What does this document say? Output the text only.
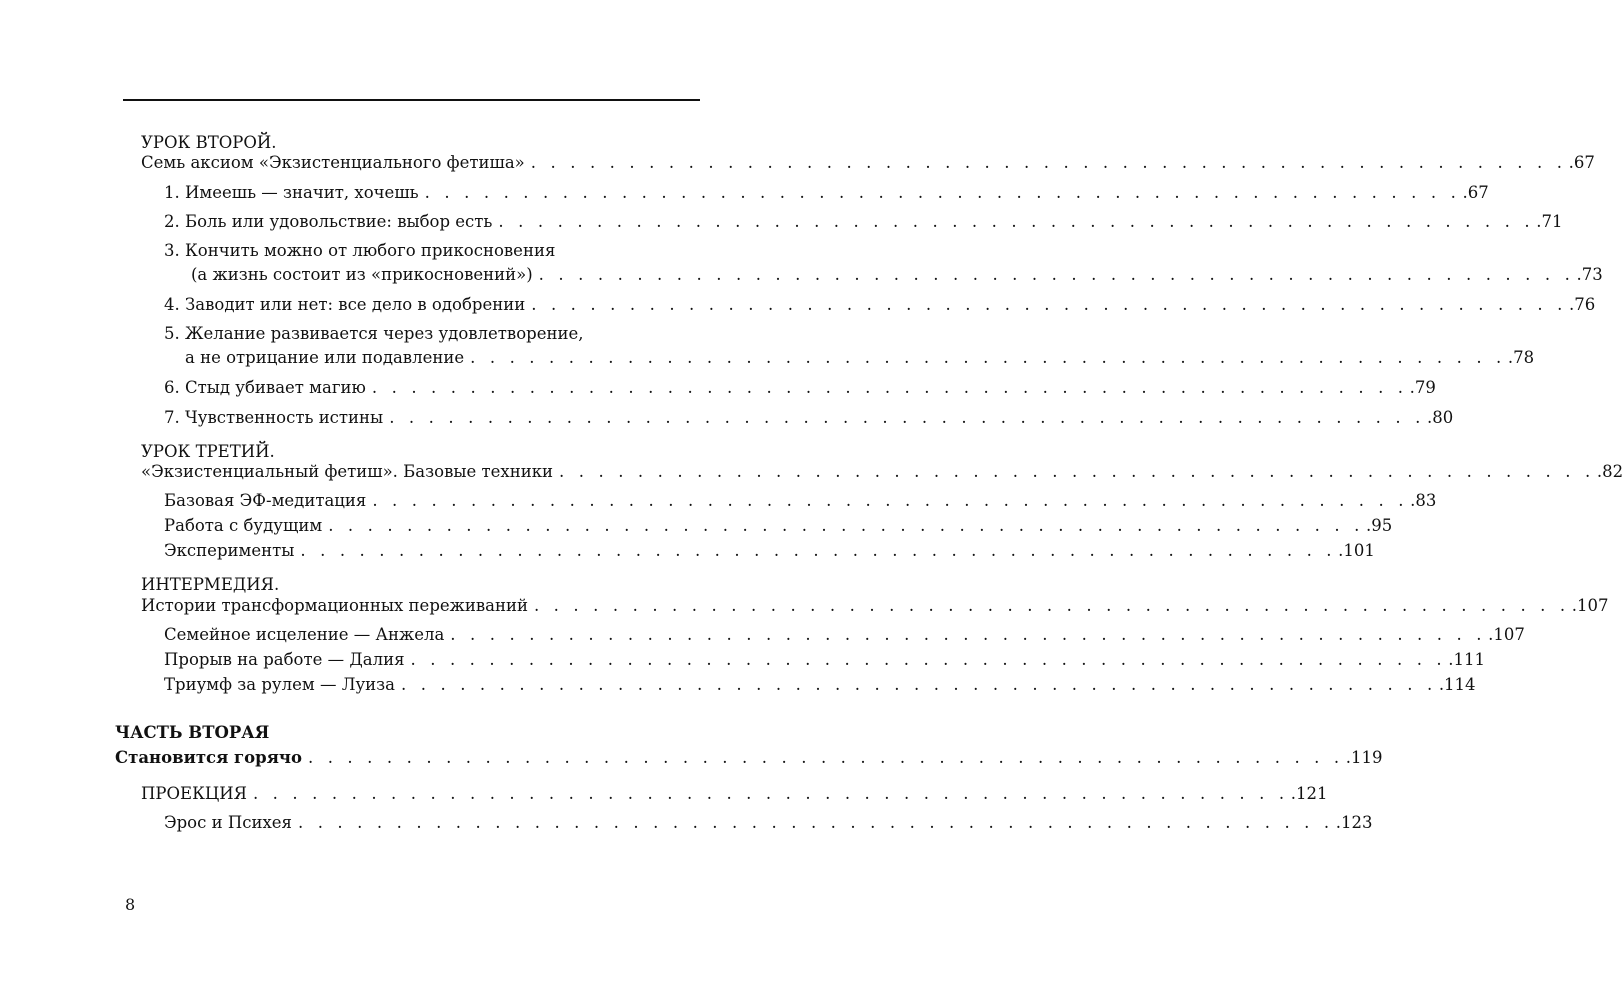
УРОК ВТОРОЙ.
Семь аксиом «Экзистенциального фетиша» . . . . . . . . . . . . . . . . . . . . . . . . . . . . . . . . . . . . . . . . . . . . . . . . . . . . . .67
1. Имеешь — значит, хочешь . . . . . . . . . . . . . . . . . . . . . . . . . . . . . . . . . . . . . . . . . . . . . . . . . . . . . .67
2. Боль или удовольствие: выбор есть . . . . . . . . . . . . . . . . . . . . . . . . . . . . . . . . . . . . . . . . . . . . . . . . . . . . . .71
3. Кончить можно от любого прикосновения
(а жизнь состоит из «прикосновений») . . . . . . . . . . . . . . . . . . . . . . . . . . . . . . . . . . . . . . . . . . . . . . . . . . . . . .73
4. Заводит или нет: все дело в одобрении . . . . . . . . . . . . . . . . . . . . . . . . . . . . . . . . . . . . . . . . . . . . . . . . . . . . . .76
5. Желание развивается через удовлетворение,
а не отрицание или подавление . . . . . . . . . . . . . . . . . . . . . . . . . . . . . . . . . . . . . . . . . . . . . . . . . . . . . .78
6. Стыд убивает магию . . . . . . . . . . . . . . . . . . . . . . . . . . . . . . . . . . . . . . . . . . . . . . . . . . . . . .79
7. Чувственность истины . . . . . . . . . . . . . . . . . . . . . . . . . . . . . . . . . . . . . . . . . . . . . . . . . . . . . .80
УРОК ТРЕТИЙ.
«Экзистенциальный фетиш». Базовые техники . . . . . . . . . . . . . . . . . . . . . . . . . . . . . . . . . . . . . . . . . . . . . . . . . . . . . .82
Базовая ЭФ-медитация . . . . . . . . . . . . . . . . . . . . . . . . . . . . . . . . . . . . . . . . . . . . . . . . . . . . . .83
Работа с будущим . . . . . . . . . . . . . . . . . . . . . . . . . . . . . . . . . . . . . . . . . . . . . . . . . . . . . .95
Эксперименты . . . . . . . . . . . . . . . . . . . . . . . . . . . . . . . . . . . . . . . . . . . . . . . . . . . . . .101
ИНТЕРМЕДИЯ.
Истории трансформационных переживаний . . . . . . . . . . . . . . . . . . . . . . . . . . . . . . . . . . . . . . . . . . . . . . . . . . . . . .107
Семейное исцеление — Анжела . . . . . . . . . . . . . . . . . . . . . . . . . . . . . . . . . . . . . . . . . . . . . . . . . . . . . .107
Прорыв на работе — Далия . . . . . . . . . . . . . . . . . . . . . . . . . . . . . . . . . . . . . . . . . . . . . . . . . . . . . .111
Триумф за рулем — Луиза . . . . . . . . . . . . . . . . . . . . . . . . . . . . . . . . . . . . . . . . . . . . . . . . . . . . . .114
ЧАСТЬ ВТОРАЯ
Становится горячо . . . . . . . . . . . . . . . . . . . . . . . . . . . . . . . . . . . . . . . . . . . . . . . . . . . . . .119
ПРОЕКЦИЯ . . . . . . . . . . . . . . . . . . . . . . . . . . . . . . . . . . . . . . . . . . . . . . . . . . . . . .121
Эрос и Психея . . . . . . . . . . . . . . . . . . . . . . . . . . . . . . . . . . . . . . . . . . . . . . . . . . . . . .123
8
